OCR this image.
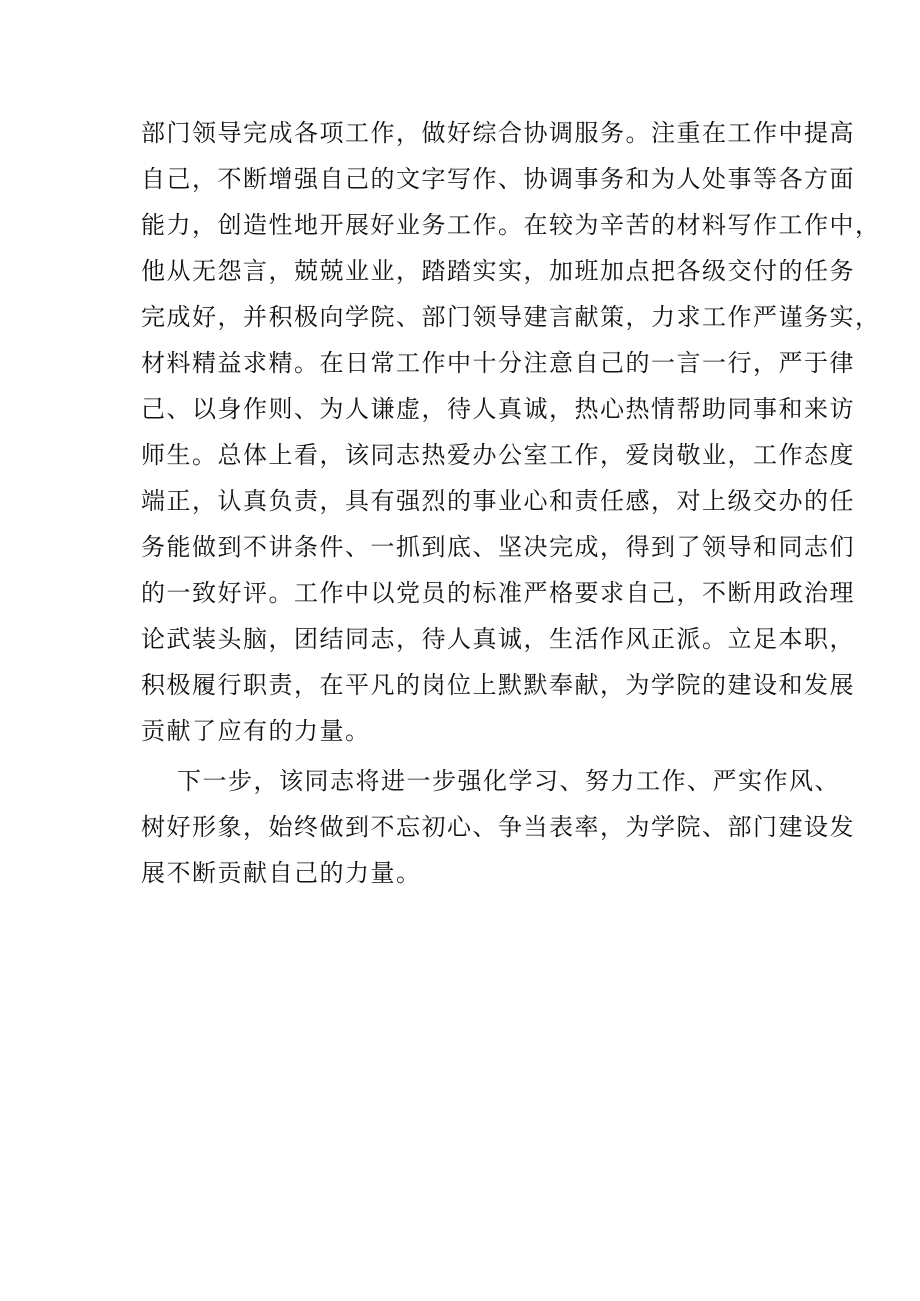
部门领导完成各项工作，做好综合协调服务。注重在工作中提高
自己，不断增强自己的文字写作、协调事务和为人处事等各方面
能力，创造性地开展好业务工作。在较为辛苦的材料写作工作中，
他从无怨言，兢兢业业，踏踏实实，加班加点把各级交付的任务
完成好，并积极向学院、部门领导建言献策，力求工作严谨务实，
材料精益求精。在日常工作中十分注意自己的一言一行，严于律
己、以身作则、为人谦虚，待人真诚，热心热情帮助同事和来访
师生。总体上看，该同志热爱办公室工作，爱岗敬业，工作态度
端正，认真负责，具有强烈的事业心和责任感，对上级交办的任
务能做到不讲条件、一抓到底、坚决完成，得到了领导和同志们
的一致好评。工作中以党员的标准严格要求自己，不断用政治理
论武装头脑，团结同志，待人真诚，生活作风正派。立足本职，
积极履行职责，在平凡的岗位上默默奉献，为学院的建设和发展
贡献了应有的力量。
下一步，该同志将进一步强化学习、努力工作、严实作风、
树好形象，始终做到不忘初心、争当表率，为学院、部门建设发
展不断贡献自己的力量。
